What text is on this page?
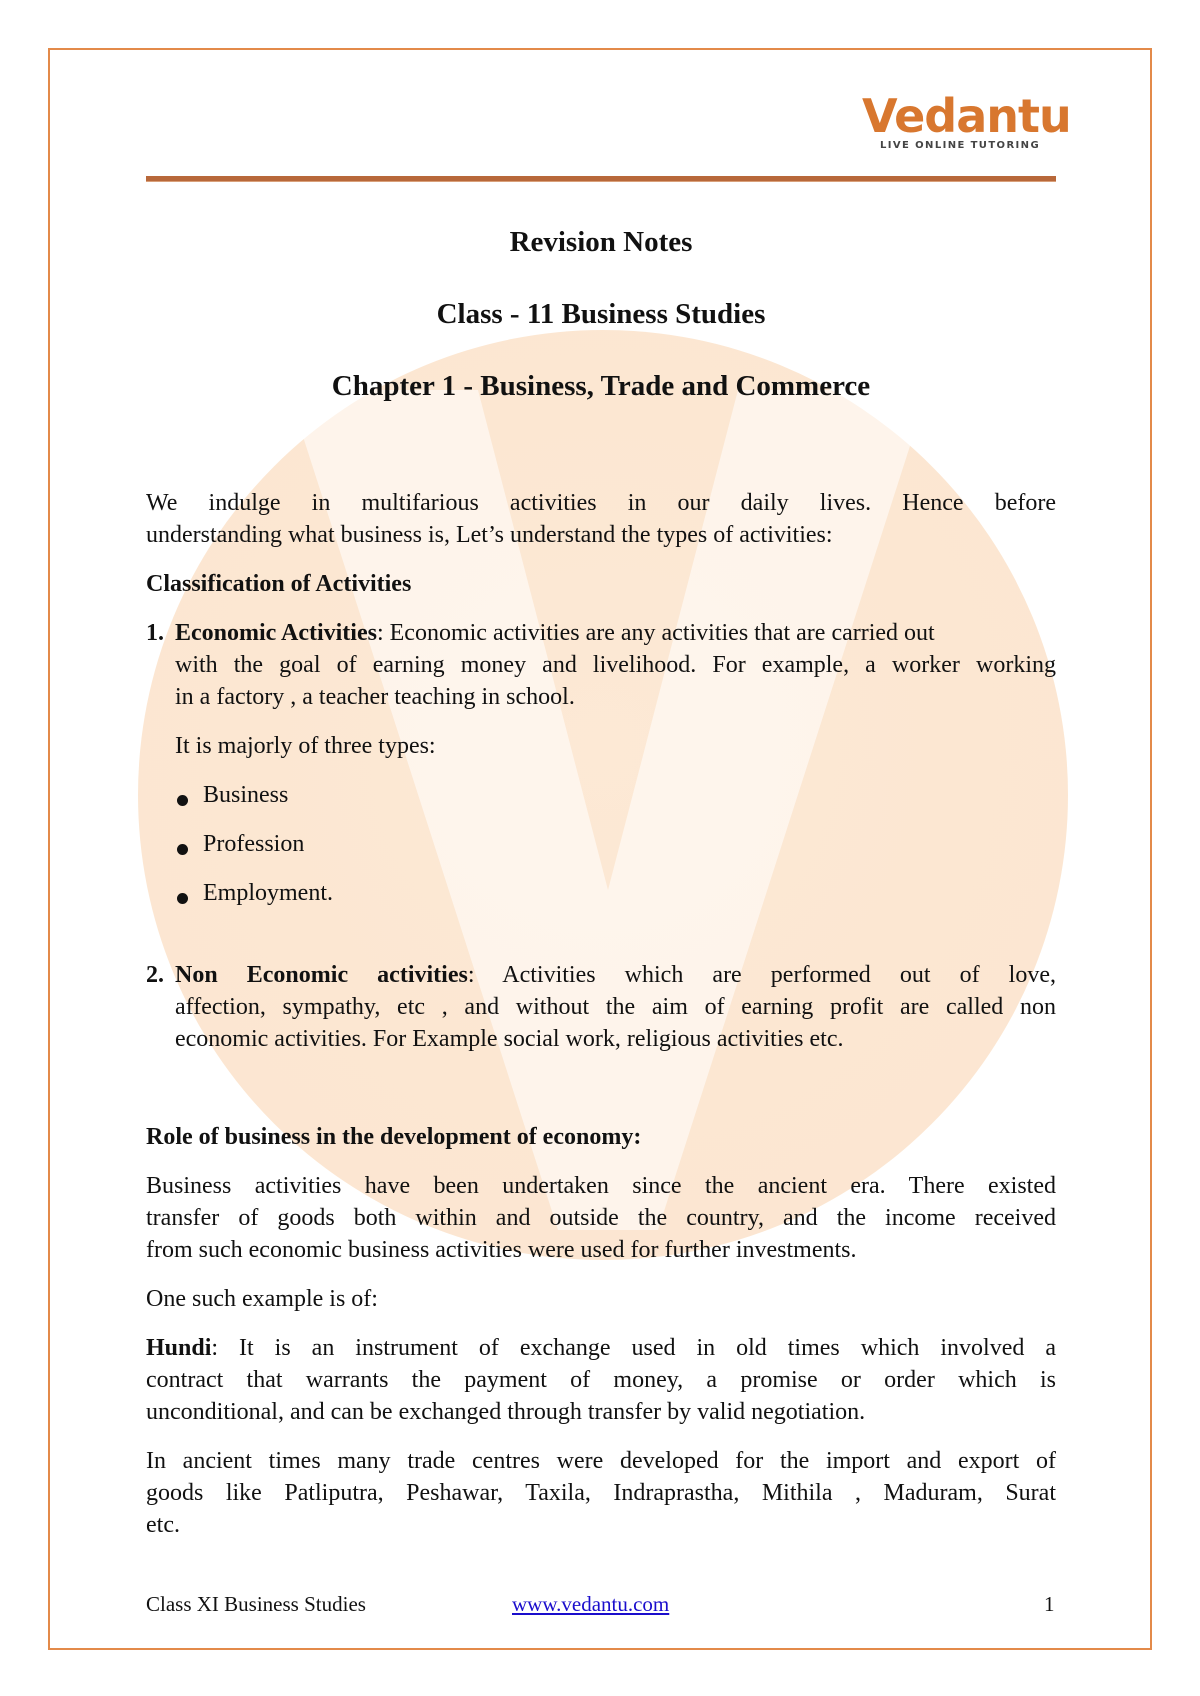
Vedantu
LIVE ONLINE TUTORING
Revision Notes
Class - 11 Business Studies
Chapter 1 - Business, Trade and Commerce
We indulge in multifarious activities in our daily lives. Hence before
understanding what business is, Let’s understand the types of activities:
Classification of Activities
1. Economic Activities: Economic activities are any activities that are carried out
with the goal of earning money and livelihood. For example, a worker working
in a factory , a teacher teaching in school.
It is majorly of three types:
Business
Profession
Employment.
2. Non Economic activities: Activities which are performed out of love,
affection, sympathy, etc , and without the aim of earning profit are called non
economic activities. For Example social work, religious activities etc.
Role of business in the development of economy:
Business activities have been undertaken since the ancient era. There existed
transfer of goods both within and outside the country, and the income received
from such economic business activities were used for further investments.
One such example is of:
Hundi: It is an instrument of exchange used in old times which involved a
contract that warrants the payment of money, a promise or order which is
unconditional, and can be exchanged through transfer by valid negotiation.
In ancient times many trade centres were developed for the import and export of
goods like Patliputra, Peshawar, Taxila, Indraprastha, Mithila , Maduram, Surat
etc.
Class XI Business Studies	www.vedantu.com	1
